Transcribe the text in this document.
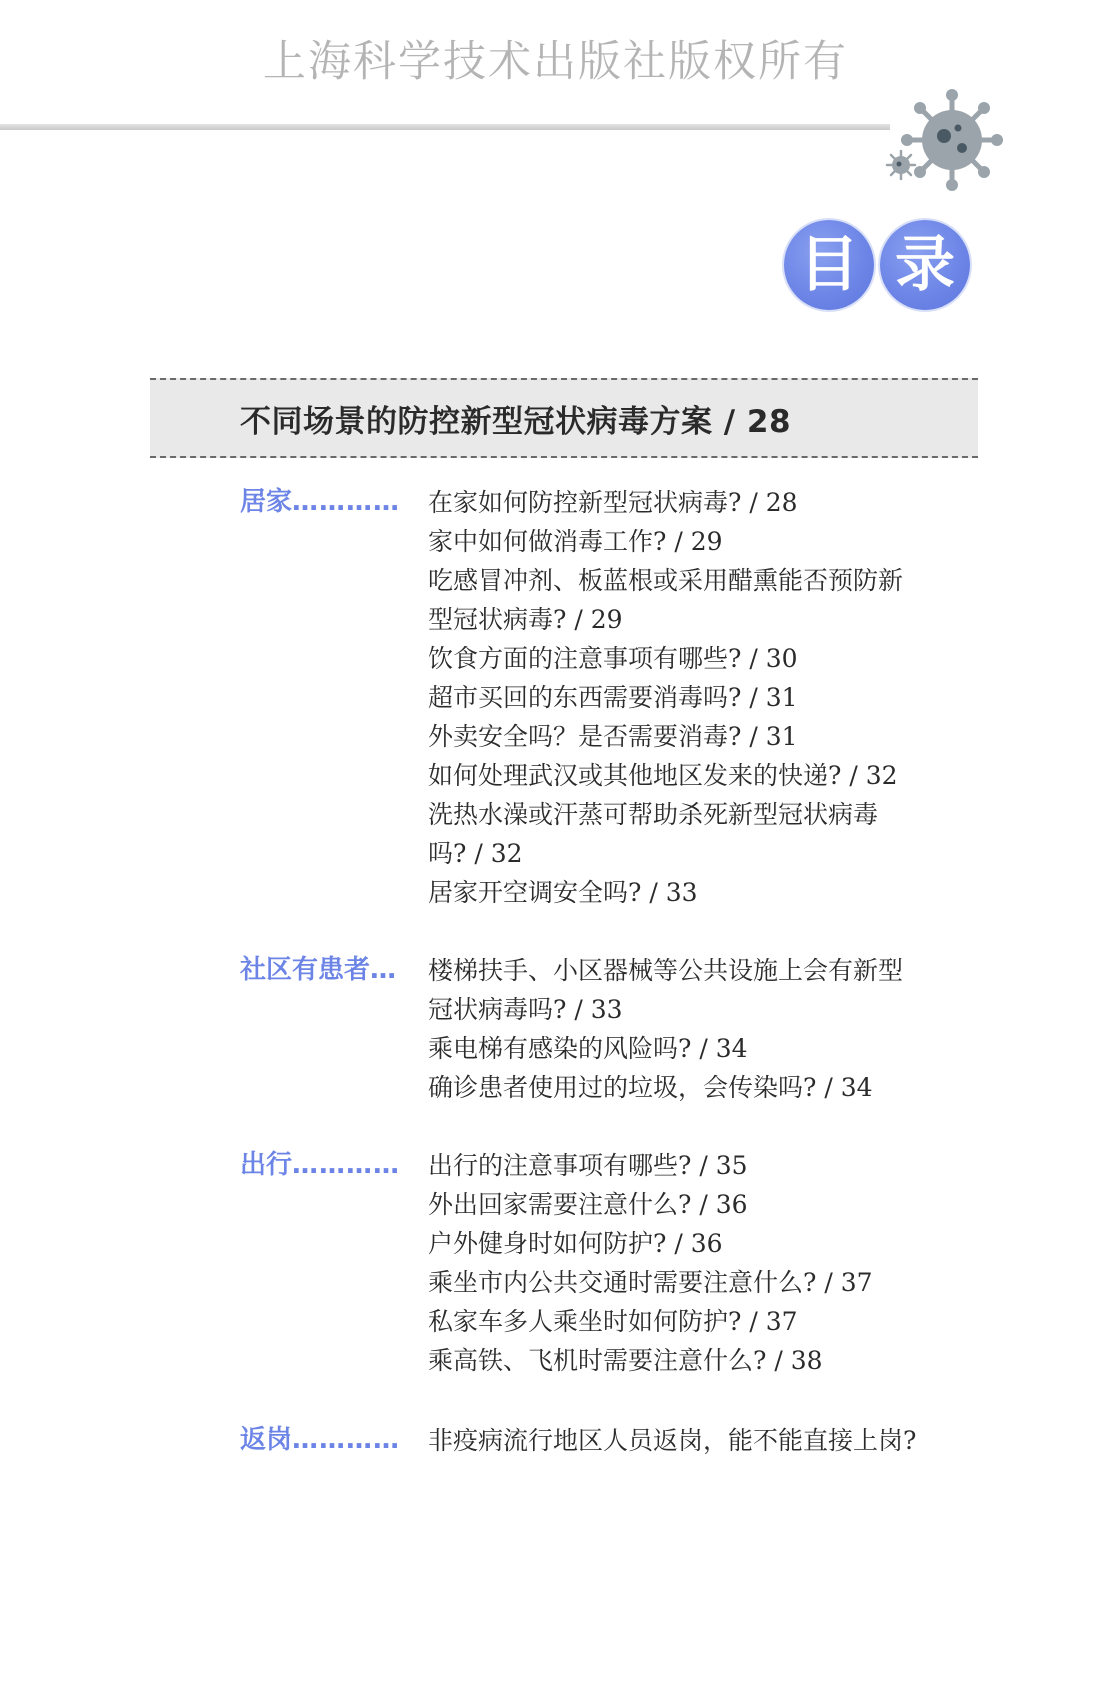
上海科学技术出版社版权所有
目 录
不同场景的防控新型冠状病毒方案 / 28
居家…………	在家如何防控新型冠状病毒? / 28
家中如何做消毒工作? / 29
吃感冒冲剂、板蓝根或采用醋熏能否预防新
型冠状病毒? / 29
饮食方面的注意事项有哪些? / 30
超市买回的东西需要消毒吗? / 31
外卖安全吗？是否需要消毒? / 31
如何处理武汉或其他地区发来的快递? / 32
洗热水澡或汗蒸可帮助杀死新型冠状病毒
吗? / 32
居家开空调安全吗? / 33
社区有患者…	楼梯扶手、小区器械等公共设施上会有新型
冠状病毒吗? / 33
乘电梯有感染的风险吗? / 34
确诊患者使用过的垃圾，会传染吗? / 34
出行…………	出行的注意事项有哪些? / 35
外出回家需要注意什么? / 36
户外健身时如何防护? / 36
乘坐市内公共交通时需要注意什么? / 37
私家车多人乘坐时如何防护? / 37
乘高铁、飞机时需要注意什么? / 38
返岗…………	非疫病流行地区人员返岗，能不能直接上岗?
